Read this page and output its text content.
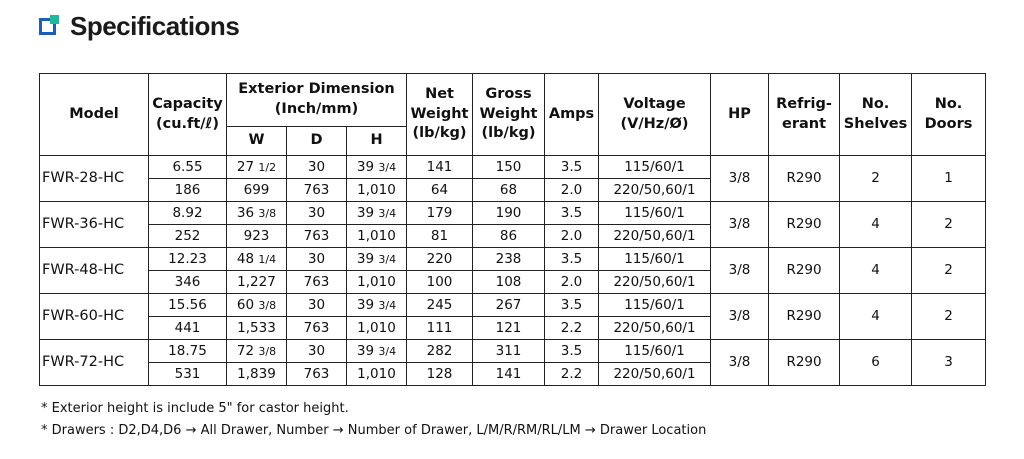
Specifications
Model	Capacity (cu.ft/ℓ)	Exterior Dimension (Inch/mm)			Net Weight (lb/kg)	Gross Weight (lb/kg)	Amps	Voltage (V/Hz/Ø)	HP	Refrig- erant	No. Shelves	No. Doors
		W	D	H								
FWR-28-HC	6.55	27 1/2	30	39 3/4	141	150	3.5	115/60/1	3/8	R290	2	1
	186	699	763	1,010	64	68	2.0	220/50,60/1				
FWR-36-HC	8.92	36 3/8	30	39 3/4	179	190	3.5	115/60/1	3/8	R290	4	2
	252	923	763	1,010	81	86	2.0	220/50,60/1				
FWR-48-HC	12.23	48 1/4	30	39 3/4	220	238	3.5	115/60/1	3/8	R290	4	2
	346	1,227	763	1,010	100	108	2.0	220/50,60/1				
FWR-60-HC	15.56	60 3/8	30	39 3/4	245	267	3.5	115/60/1	3/8	R290	4	2
	441	1,533	763	1,010	111	121	2.2	220/50,60/1				
FWR-72-HC	18.75	72 3/8	30	39 3/4	282	311	3.5	115/60/1	3/8	R290	6	3
	531	1,839	763	1,010	128	141	2.2	220/50,60/1				
* Exterior height is include 5" for castor height.
* Drawers : D2,D4,D6 → All Drawer, Number → Number of Drawer, L/M/R/RM/RL/LM → Drawer Location
